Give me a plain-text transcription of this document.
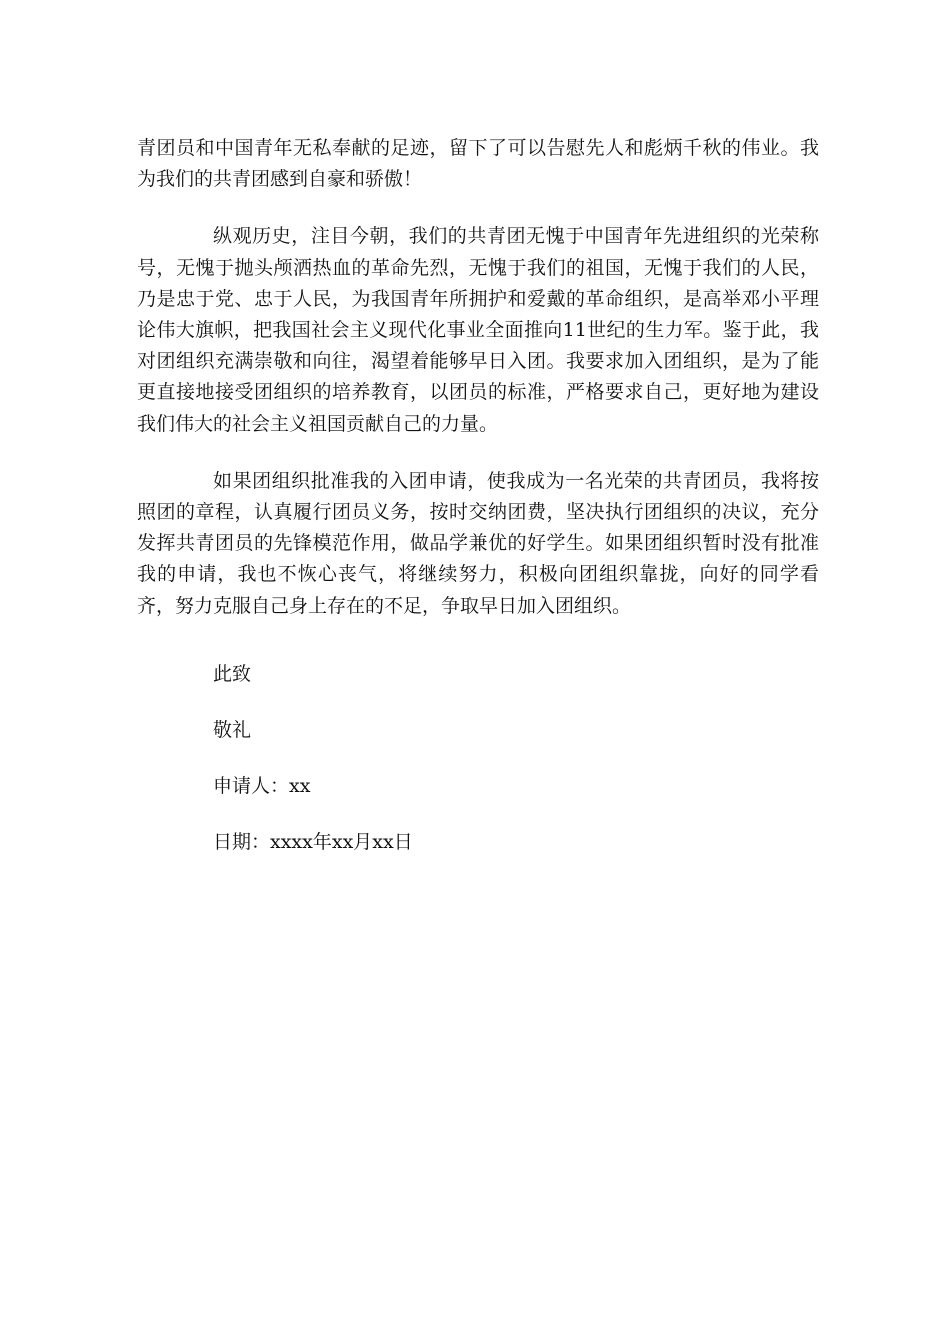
青团员和中国青年无私奉献的足迹，留下了可以告慰先人和彪炳千秋的伟业。我为我们的共青团感到自豪和骄傲！

纵观历史，注目今朝，我们的共青团无愧于中国青年先进组织的光荣称号，无愧于抛头颅洒热血的革命先烈，无愧于我们的祖国，无愧于我们的人民，乃是忠于党、忠于人民，为我国青年所拥护和爱戴的革命组织，是高举邓小平理论伟大旗帜，把我国社会主义现代化事业全面推向11世纪的生力军。鉴于此，我对团组织充满崇敬和向往，渴望着能够早日入团。我要求加入团组织，是为了能更直接地接受团组织的培养教育，以团员的标准，严格要求自己，更好地为建设我们伟大的社会主义祖国贡献自己的力量。

如果团组织批准我的入团申请，使我成为一名光荣的共青团员，我将按照团的章程，认真履行团员义务，按时交纳团费，坚决执行团组织的决议，充分发挥共青团员的先锋模范作用，做品学兼优的好学生。如果团组织暂时没有批准我的申请，我也不恢心丧气，将继续努力，积极向团组织靠拢，向好的同学看齐，努力克服自己身上存在的不足，争取早日加入团组织。

此致

敬礼

申请人：xx

日期：xxxx年xx月xx日
